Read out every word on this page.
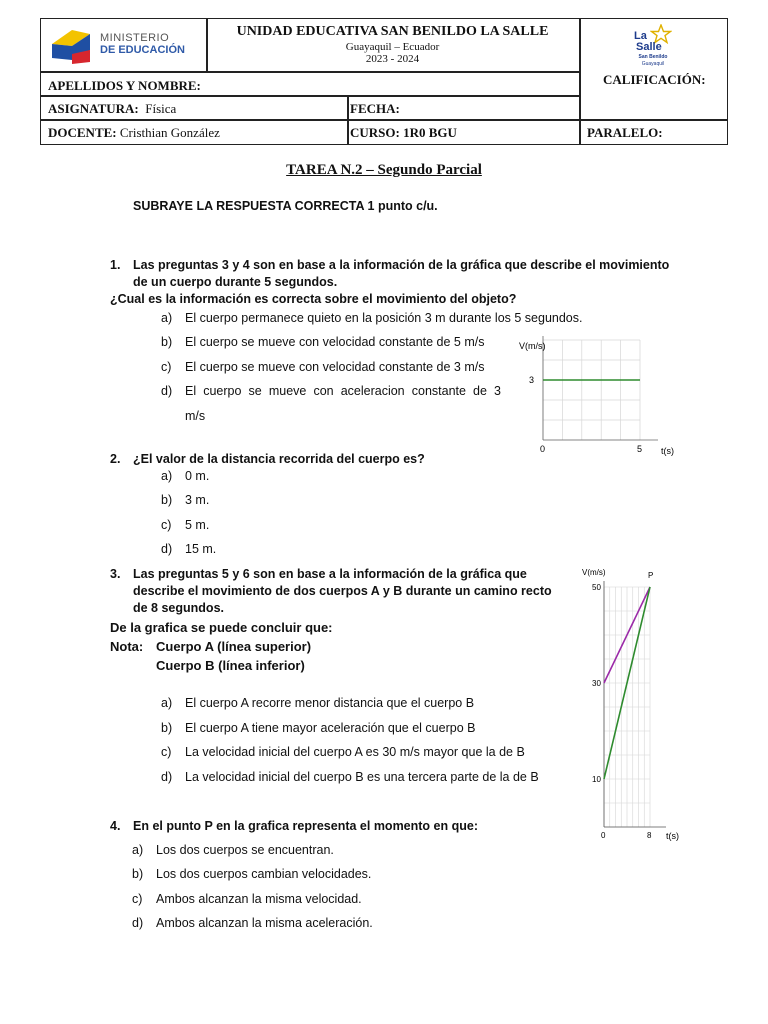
MINISTERIO
DE EDUCACIÓN
UNIDAD EDUCATIVA SAN BENILDO LA SALLE
Guayaquil – Ecuador
2023 - 2024
La
Salle
San Benildo
Guayaquil
APELLIDOS Y NOMBRE:	CALIFICACIÓN:
ASIGNATURA: Física	FECHA:
DOCENTE: Cristhian González	CURSO: 1R0 BGU	PARALELO:
TAREA N.2 – Segundo Parcial
SUBRAYE LA RESPUESTA CORRECTA 1 punto c/u.
1. Las preguntas 3 y 4 son en base a la información de la gráfica que describe el movimiento
de un cuerpo durante 5 segundos.
¿Cual es la información es correcta sobre el movimiento del objeto?
a) El cuerpo permanece quieto en la posición 3 m durante los 5 segundos.
b) El cuerpo se mueve con velocidad constante de 5 m/s
c) El cuerpo se mueve con velocidad constante de 3 m/s
d) El cuerpo se mueve con aceleracion constante de 3
m/s
V(m/s)
t(s)
0	5
3
2. ¿El valor de la distancia recorrida del cuerpo es?
a) 0 m.
b) 3 m.
c) 5 m.
d) 15 m.
3. Las preguntas 5 y 6 son en base a la información de la gráfica que
describe el movimiento de dos cuerpos A y B durante un camino recto
de 8 segundos.
De la grafica se puede concluir que:
Nota: Cuerpo A (línea superior)
Cuerpo B (línea inferior)
a) El cuerpo A recorre menor distancia que el cuerpo B
b) El cuerpo A tiene mayor aceleración que el cuerpo B
c) La velocidad inicial del cuerpo A es 30 m/s mayor que la de B
d) La velocidad inicial del cuerpo B es una tercera parte de la de B
V(m/s)
t(s)
0	8
10
30
50
P
4. En el punto P en la grafica representa el momento en que:
a) Los dos cuerpos se encuentran.
b) Los dos cuerpos cambian velocidades.
c) Ambos alcanzan la misma velocidad.
d) Ambos alcanzan la misma aceleración.
